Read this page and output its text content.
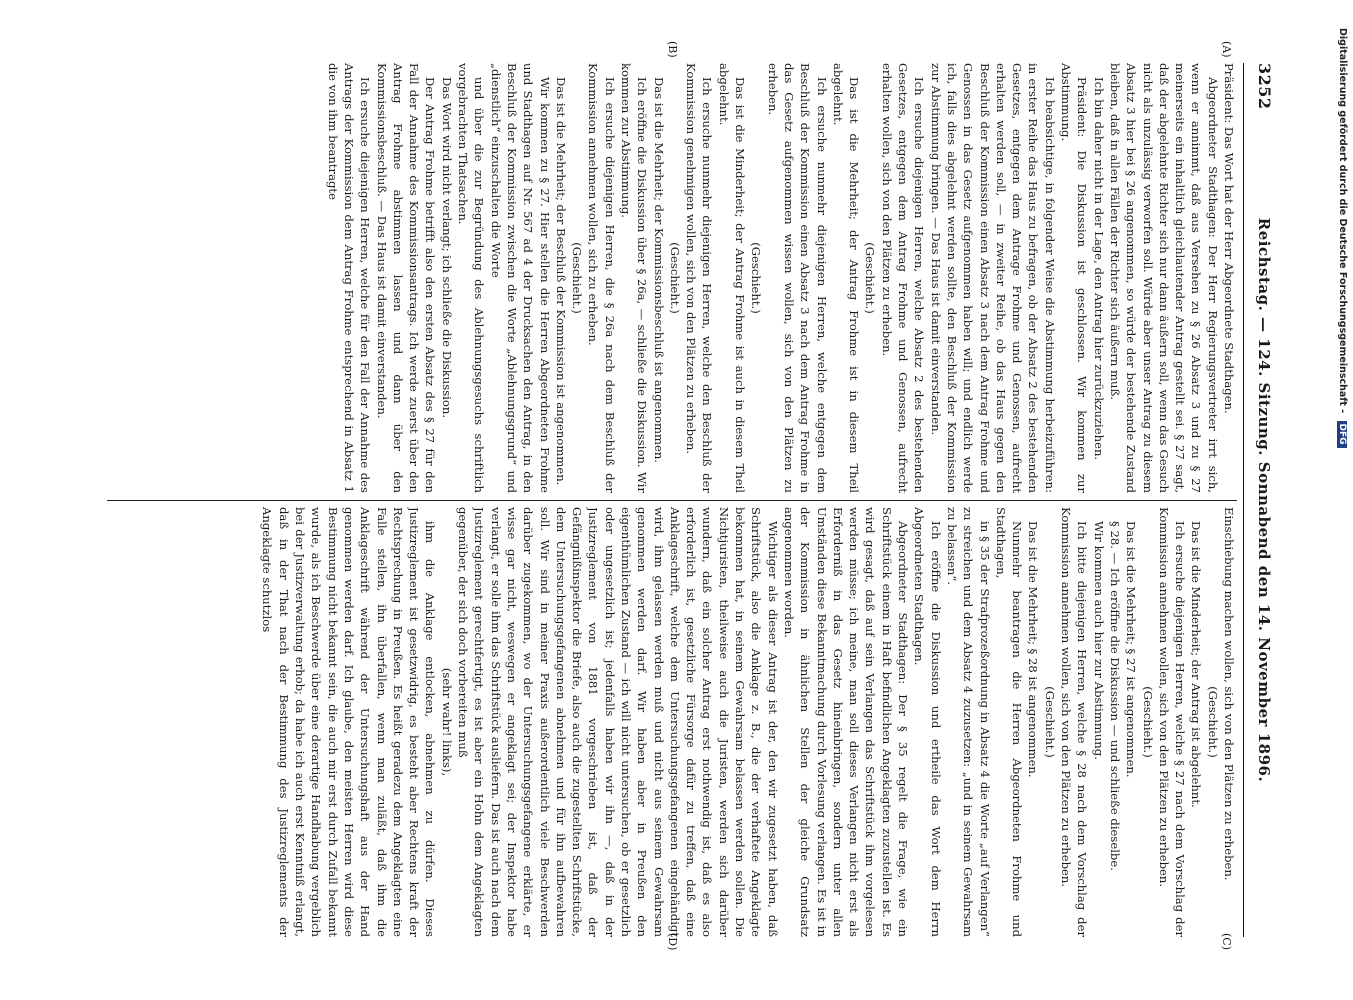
3252
Reichstag. — 124. Sitzung. Sonnabend den 14. November 1896.
(A)
(B)
(C)
(D)

Präsident: Das Wort hat der Herr Abgeordnete Stadthagen.

Abgeordneter Stadthagen: Der Herr Regierungsvertreter irrt sich, wenn er annimmt, daß aus Versehen zu § 26 Absatz 3 und zu § 27 meinerseits ein inhaltlich gleichlautender Antrag gestellt sei. § 27 sagt, daß der abgelehnte Richter sich nur dann äußern soll, wenn das Gesuch nicht als unzulässig verworfen soll. Würde aber unser Antrag zu diesem Absatz 3 hier bei § 26 angenommen, so würde der bestehende Zustand bleiben, daß in allen Fällen der Richter sich äußern muß.

Ich bin daher nicht in der Lage, den Antrag hier zurückzuziehen.

Präsident: Die Diskussion ist geschlossen. Wir kommen zur Abstimmung.

Ich beabsichtige, in folgender Weise die Abstimmung herbeizuführen: in erster Reihe das Haus zu befragen, ob der Absatz 2 des bestehenden Gesetzes, entgegen dem Antrage Frohme und Genossen, aufrecht erhalten werden soll, — in zweiter Reihe, ob das Haus gegen den Beschluß der Kommission einen Absatz 3 nach dem Antrag Frohme und Genossen in das Gesetz aufgenommen haben will; und endlich werde ich, falls dies abgelehnt werden sollte, den Beschluß der Kommission zur Abstimmung bringen. — Das Haus ist damit einverstanden.

Ich ersuche diejenigen Herren, welche Absatz 2 des bestehenden Gesetzes, entgegen dem Antrag Frohme und Genossen, aufrecht erhalten wollen, sich von den Plätzen zu erheben.

(Geschieht.)

Das ist die Mehrheit; der Antrag Frohme ist in diesem Theil abgelehnt.

Ich ersuche nunmehr diejenigen Herren, welche entgegen dem Beschluß der Kommission einen Absatz 3 nach dem Antrag Frohme in das Gesetz aufgenommen wissen wollen, sich von den Plätzen zu erheben.

(Geschieht.)

Das ist die Minderheit; der Antrag Frohme ist auch in diesem Theil abgelehnt.

Ich ersuche nunmehr diejenigen Herren, welche den Beschluß der Kommission genehmigen wollen, sich von den Plätzen zu erheben.

(Geschieht.)

Das ist die Mehrheit; der Kommissionsbeschluß ist angenommen.

Ich eröffne die Diskussion über § 26a, — schließe die Diskussion. Wir kommen zur Abstimmung.

Ich ersuche diejenigen Herren, die § 26a nach dem Beschluß der Kommission annehmen wollen, sich zu erheben.

(Geschieht.)

Das ist die Mehrheit; der Beschluß der Kommission ist angenommen.

Wir kommen zu § 27. Hier stellen die Herren Abgeordneten Frohme und Stadthagen auf Nr. 567 ad 4 der Drucksachen den Antrag, in den Beschluß der Kommission zwischen die Worte „Ablehnungsgrund“ und „dienstlich“ einzuschalten die Worte

und über die zur Begründung des Ablehnungsgesuchs schriftlich vorgebrachten Thatsachen.

Das Wort wird nicht verlangt; ich schließe die Diskussion.

Der Antrag Frohme betrifft also den ersten Absatz des § 27 für den Fall der Annahme des Kommissionsantrags. Ich werde zuerst über den Antrag Frohme abstimmen lassen und dann über den Kommissionsbeschluß. — Das Haus ist damit einverstanden.

Ich ersuche diejenigen Herren, welche für den Fall der Annahme des Antrags der Kommission dem Antrag Frohme entsprechend in Absatz 1 die von ihm beantragte

Einschiebung machen wollen, sich von den Plätzen zu erheben.

(Geschieht.)

Das ist die Minderheit; der Antrag ist abgelehnt.

Ich ersuche diejenigen Herren, welche § 27 nach dem Vorschlag der Kommission annehmen wollen, sich von den Plätzen zu erheben.

(Geschieht.)

Das ist die Mehrheit; § 27 ist angenommen.

§ 28. — Ich eröffne die Diskussion — und schließe dieselbe.

Wir kommen auch hier zur Abstimmung.

Ich bitte diejenigen Herren, welche § 28 nach dem Vorschlag der Kommission annehmen wollen, sich von den Plätzen zu erheben.

(Geschieht.)

Das ist die Mehrheit; § 28 ist angenommen.

Nunmehr beantragen die Herren Abgeordneten Frohme und Stadthagen,

in § 35 der Strafprozeßordnung in Absatz 4 die Worte „auf Verlangen“ zu streichen und dem Absatz 4 zuzusetzen: „und in seinem Gewahrsam zu belassen“.

Ich eröffne die Diskussion und ertheile das Wort dem Herrn Abgeordneten Stadthagen.

Abgeordneter Stadthagen: Der § 35 regelt die Frage, wie ein Schriftstück einem in Haft befindlichen Angeklagten zuzustellen ist. Es wird gesagt, daß auf sein Verlangen das Schriftstück ihm vorgelesen werden müsse; ich meine, man soll dieses Verlangen nicht erst als Erforderniß in das Gesetz hineinbringen, sondern unter allen Umständen diese Bekanntmachung durch Vorlesung verlangen. Es ist in der Kommission in ähnlichen Stellen der gleiche Grundsatz angenommen worden.

Wichtiger als dieser Antrag ist der, den wir zugesetzt haben, daß Schriftstück, also die Anklage z. B., die der verhaftete Angeklagte bekommen hat, in seinem Gewahrsam belassen werden sollen. Die Nichtjuristen, theilweise auch die Juristen, werden sich darüber wundern, daß ein solcher Antrag erst nothwendig ist, daß es also erforderlich ist, gesetzliche Fürsorge dafür zu treffen, daß eine Anklageschrift, welche dem Untersuchungsgefangenen eingehändigt wird, ihm gelassen werden muß und nicht aus seinem Gewahrsam genommen werden darf. Wir haben aber in Preußen den eigenthümlichen Zustand — ich will nicht untersuchen, ob er gesetzlich oder ungesetzlich ist; jedenfalls haben wir ihn —, daß in der Justizreglement von 1881 vorgeschrieben ist, daß der Gefängnißinspektor die Briefe, also auch die zugestellten Schriftstücke, dem Untersuchungsgefangenen abnehmen und für ihn aufbewahren soll. Wir sind in meiner Praxis außerordentlich viele Beschwerden darüber zugekommen, wo der Untersuchungsgefangene erklärte, er wisse gar nicht, weswegen er angeklagt sei; der Inspektor habe verlangt, er solle ihm das Schriftstück ausliefern. Das ist auch nach dem Justizreglement gerechtfertigt, es ist aber ein Hohn dem Angeklagten gegenüber, der sich doch vorbereiten muß

(sehr wahr! links),

ihm die Anklage entlocken, abnehmen zu dürfen. Dieses Justizreglement ist gesetzwidrig, es besteht aber Rechtens kraft der Rechtsprechung in Preußen. Es heißt geradezu dem Angeklagten eine Falle stellen, ihn überfallen, wenn man zuläßt, daß ihm die Anklageschrift während der Untersuchungshaft aus der Hand genommen werden darf. Ich glaube, den meisten Herren wird diese Bestimmung nicht bekannt sein, die auch mir erst durch Zufall bekannt wurde, als ich Beschwerde über eine derartige Handhabung vergeblich bei der Justizverwaltung erhob; da habe ich auch erst Kenntniß erlangt, daß in der That nach der Bestimmung des Justizreglements der Angeklagte schutzlos

Digitalisierung gefördert durch die Deutsche Forschungsgemeinschaft - DFG
